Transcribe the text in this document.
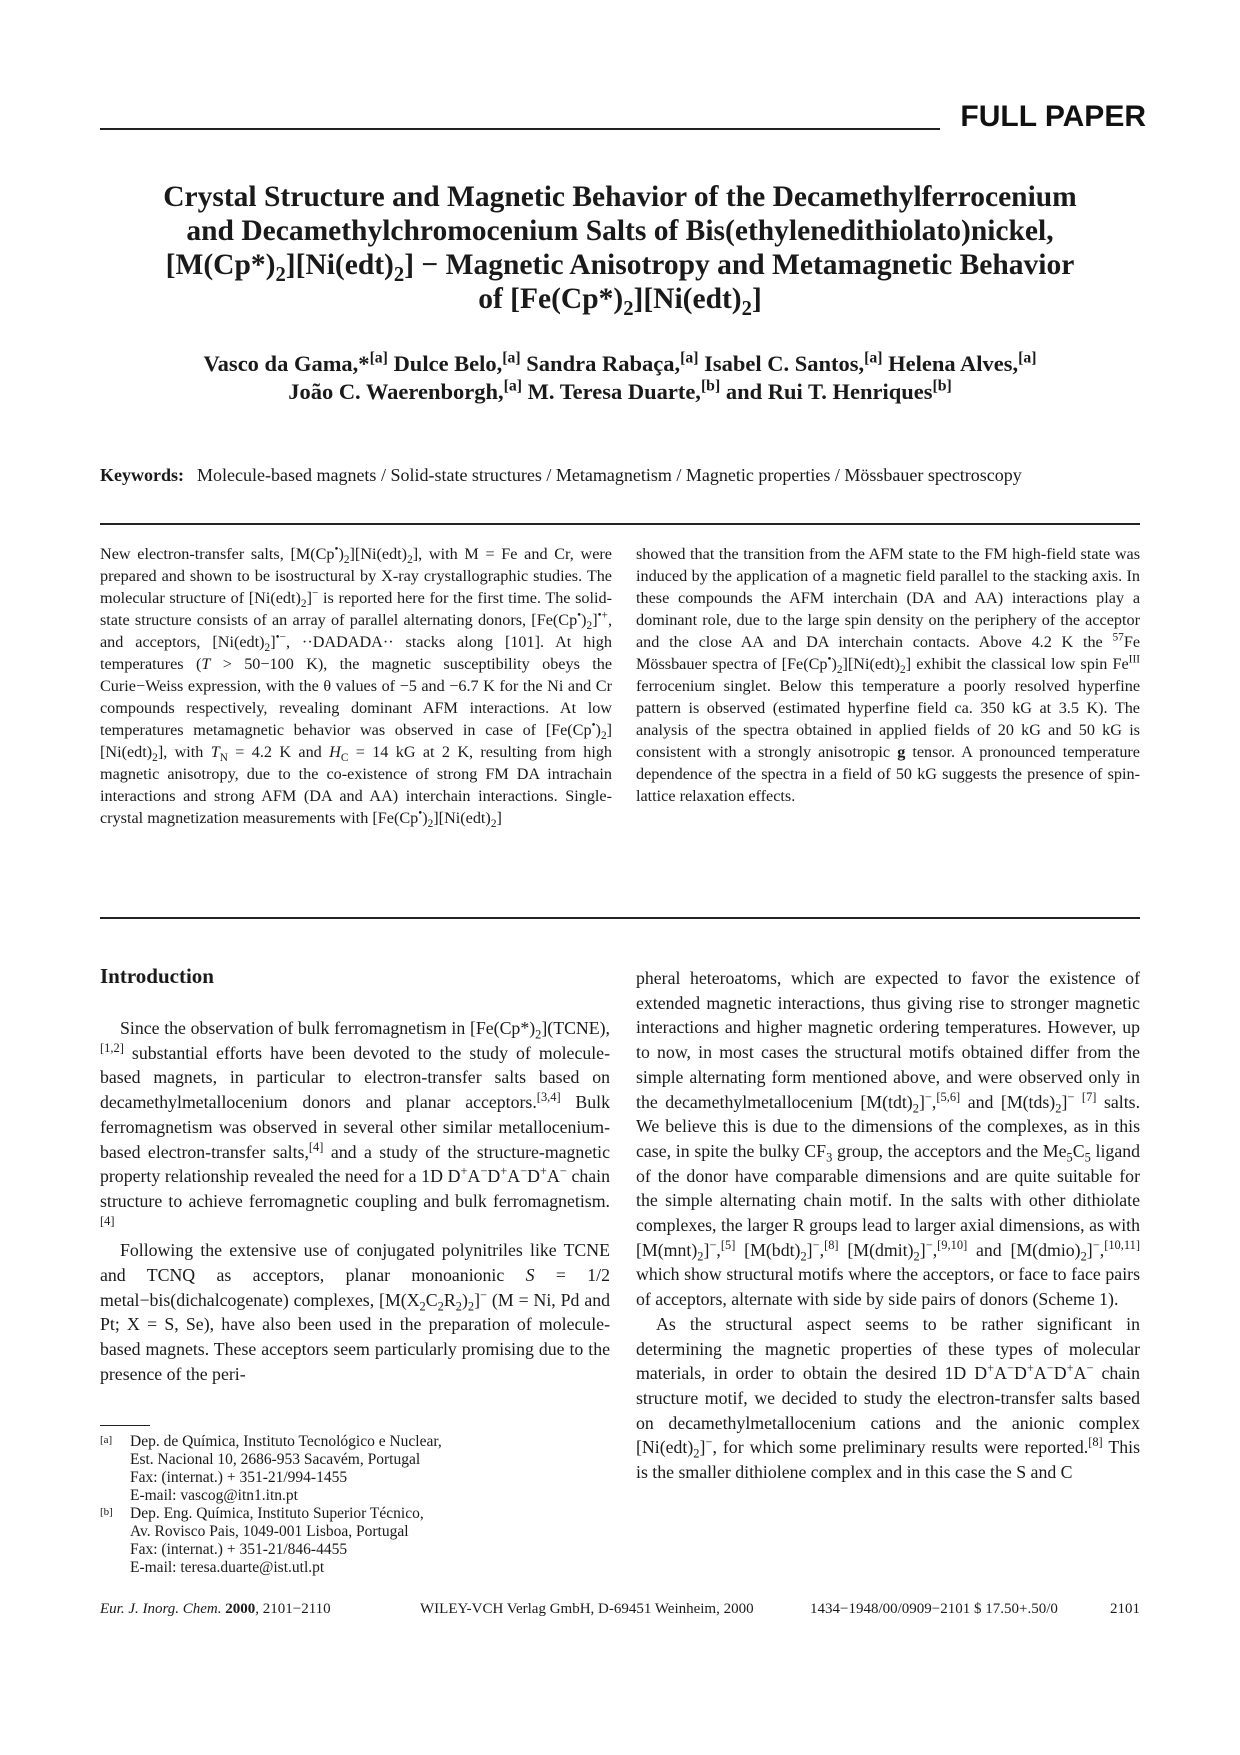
FULL PAPER
Crystal Structure and Magnetic Behavior of the Decamethylferrocenium
and Decamethylchromocenium Salts of Bis(ethylenedithiolato)nickel,
$[M(Cp*)_2][Ni(edt)_2]$ − Magnetic Anisotropy and Metamagnetic Behavior
of $[Fe(Cp*)_2][Ni(edt)_2]$
Vasco da Gama,*[a] Dulce Belo,[a] Sandra Rabaça,[a] Isabel C. Santos,[a] Helena Alves,[a]
João C. Waerenborgh,[a] M. Teresa Duarte,[b] and Rui T. Henriques[b]
Keywords: Molecule-based magnets / Solid-state structures / Metamagnetism / Magnetic properties / Mössbauer spectroscopy
New electron-transfer salts, $[M(Cp^•)_2][Ni(edt)_2]$, with M = Fe and Cr, were prepared and shown to be isostructural by X-ray crystallographic studies. The molecular structure of $[Ni(edt)_2]^-$ is reported here for the first time. The solid-state structure consists of an array of parallel alternating donors, $[Fe(Cp^•)_2]^{•+}$, and acceptors, $[Ni(edt)_2]^{•-}$, ··DADADA·· stacks along [101]. At high temperatures (T > 50−100 K), the magnetic susceptibility obeys the Curie−Weiss expression, with the θ values of −5 and −6.7 K for the Ni and Cr compounds respectively, revealing dominant AFM interactions. At low temperatures metamagnetic behavior was observed in case of $[Fe(Cp^•)_2][Ni(edt)_2]$, with $T_N = 4.2$ K and $H_C = 14$ kG at 2 K, resulting from high magnetic anisotropy, due to the co-existence of strong FM DA intrachain interactions and strong AFM (DA and AA) interchain interactions. Single-crystal magnetization measurements with $[Fe(Cp^•)_2][Ni(edt)_2]$
showed that the transition from the AFM state to the FM high-field state was induced by the application of a magnetic field parallel to the stacking axis. In these compounds the AFM interchain (DA and AA) interactions play a dominant role, due to the large spin density on the periphery of the acceptor and the close AA and DA interchain contacts. Above 4.2 K the $^{57}$Fe Mössbauer spectra of $[Fe(Cp^•)_2][Ni(edt)_2]$ exhibit the classical low spin $Fe^{III}$ ferrocenium singlet. Below this temperature a poorly resolved hyperfine pattern is observed (estimated hyperfine field ca. 350 kG at 3.5 K). The analysis of the spectra obtained in applied fields of 20 kG and 50 kG is consistent with a strongly anisotropic g tensor. A pronounced temperature dependence of the spectra in a field of 50 kG suggests the presence of spin-lattice relaxation effects.
Introduction

Since the observation of bulk ferromagnetism in $[Fe(Cp*)_2](TCNE),[1,2]$ substantial efforts have been devoted to the study of molecule-based magnets, in particular to electron-transfer salts based on decamethylmetallocenium donors and planar acceptors.[3,4] Bulk ferromagnetism was observed in several other similar metallocenium-based electron-transfer salts,[4] and a study of the structure-magnetic property relationship revealed the need for a 1D D+A−D+A−D+A− chain structure to achieve ferromagnetic coupling and bulk ferromagnetism.[4]

Following the extensive use of conjugated polynitriles like TCNE and TCNQ as acceptors, planar monoanionic S = 1/2 metal−bis(dichalcogenate) complexes, $[M(X_2C_2R_2)_2]^-$ (M = Ni, Pd and Pt; X = S, Se), have also been used in the preparation of molecule-based magnets. These acceptors seem particularly promising due to the presence of the peri-

pheral heteroatoms, which are expected to favor the existence of extended magnetic interactions, thus giving rise to stronger magnetic interactions and higher magnetic ordering temperatures. However, up to now, in most cases the structural motifs obtained differ from the simple alternating form mentioned above, and were observed only in the decamethylmetallocenium $[M(tdt)_2]^-,[5,6]$ and $[M(tds)_2]^-$ [7] salts. We believe this is due to the dimensions of the complexes, as in this case, in spite the bulky $CF_3$ group, the acceptors and the $Me_5C_5$ ligand of the donor have comparable dimensions and are quite suitable for the simple alternating chain motif. In the salts with other dithiolate complexes, the larger R groups lead to larger axial dimensions, as with $[M(mnt)_2]^-,[5]$ $[M(bdt)_2]^-,[8]$ $[M(dmit)_2]^-,[9,10]$ and $[M(dmio)_2]^-,[10,11]$ which show structural motifs where the acceptors, or face to face pairs of acceptors, alternate with side by side pairs of donors (Scheme 1).

As the structural aspect seems to be rather significant in determining the magnetic properties of these types of molecular materials, in order to obtain the desired 1D D+A−D+A−D+A− chain structure motif, we decided to study the electron-transfer salts based on decamethylmetallocenium cations and the anionic complex $[Ni(edt)_2]^-$, for which some preliminary results were reported.[8] This is the smaller dithiolene complex and in this case the S and C

[a] Dep. de Química, Instituto Tecnológico e Nuclear,
Est. Nacional 10, 2686-953 Sacavém, Portugal
Fax: (internat.) + 351-21/994-1455
E-mail: vascog@itn1.itn.pt
[b] Dep. Eng. Química, Instituto Superior Técnico,
Av. Rovisco Pais, 1049-001 Lisboa, Portugal
Fax: (internat.) + 351-21/846-4455
E-mail: teresa.duarte@ist.utl.pt
Eur. J. Inorg. Chem. 2000, 2101−2110	WILEY-VCH Verlag GmbH, D-69451 Weinheim, 2000	1434−1948/00/0909−2101 $ 17.50+.50/0	2101
